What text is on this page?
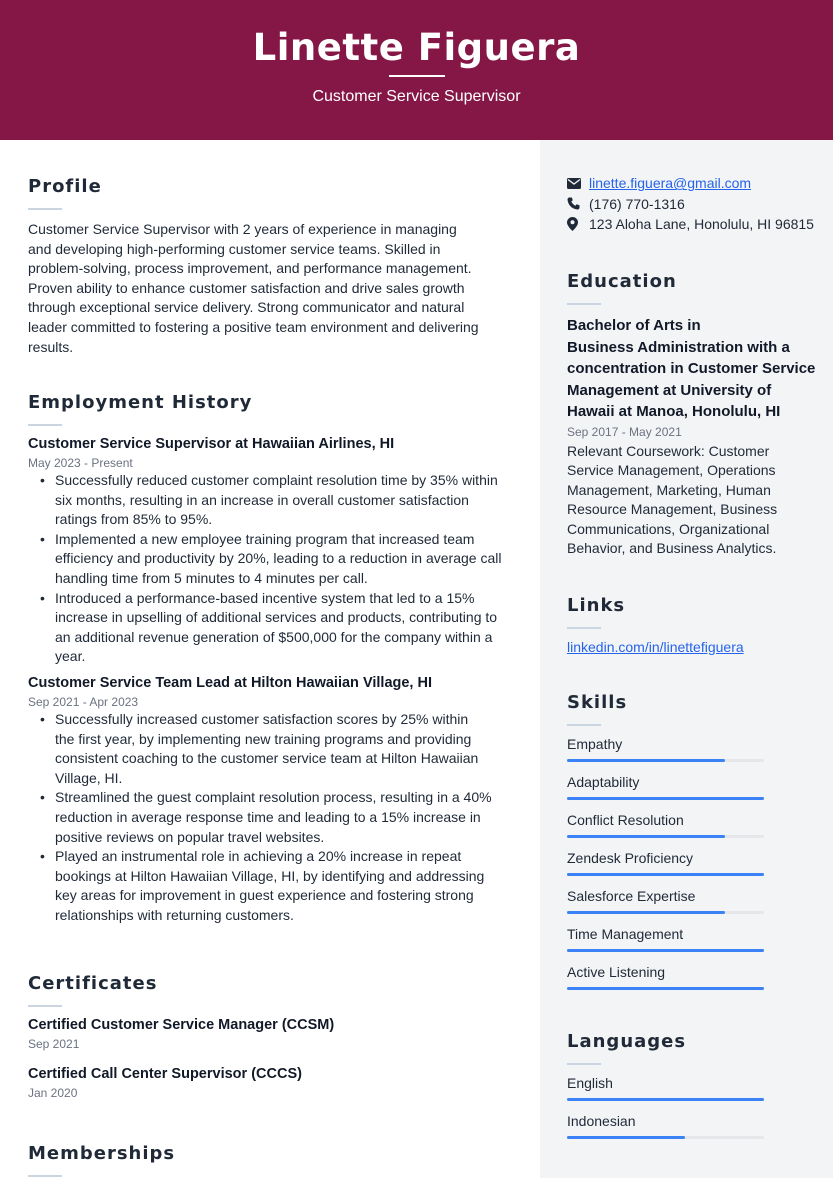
Linette Figuera
Customer Service Supervisor
linette.figuera@gmail.com
(176) 770-1316
123 Aloha Lane, Honolulu, HI 96815
Education
Bachelor of Arts in
Business Administration with a
concentration in Customer Service
Management at University of
Hawaii at Manoa, Honolulu, HI
Sep 2017 - May 2021
Relevant Coursework: Customer
Service Management, Operations
Management, Marketing, Human
Resource Management, Business
Communications, Organizational
Behavior, and Business Analytics.
Links
linkedin.com/in/linettefiguera
Skills
Empathy
Adaptability
Conflict Resolution
Zendesk Proficiency
Salesforce Expertise
Time Management
Active Listening
Languages
English
Indonesian
Profile
Customer Service Supervisor with 2 years of experience in managing
and developing high-performing customer service teams. Skilled in
problem-solving, process improvement, and performance management.
Proven ability to enhance customer satisfaction and drive sales growth
through exceptional service delivery. Strong communicator and natural
leader committed to fostering a positive team environment and delivering
results.
Employment History
Customer Service Supervisor at Hawaiian Airlines, HI
May 2023 - Present
• Successfully reduced customer complaint resolution time by 35% within
six months, resulting in an increase in overall customer satisfaction
ratings from 85% to 95%.
• Implemented a new employee training program that increased team
efficiency and productivity by 20%, leading to a reduction in average call
handling time from 5 minutes to 4 minutes per call.
• Introduced a performance-based incentive system that led to a 15%
increase in upselling of additional services and products, contributing to
an additional revenue generation of $500,000 for the company within a
year.
Customer Service Team Lead at Hilton Hawaiian Village, HI
Sep 2021 - Apr 2023
• Successfully increased customer satisfaction scores by 25% within
the first year, by implementing new training programs and providing
consistent coaching to the customer service team at Hilton Hawaiian
Village, HI.
• Streamlined the guest complaint resolution process, resulting in a 40%
reduction in average response time and leading to a 15% increase in
positive reviews on popular travel websites.
• Played an instrumental role in achieving a 20% increase in repeat
bookings at Hilton Hawaiian Village, HI, by identifying and addressing
key areas for improvement in guest experience and fostering strong
relationships with returning customers.
Certificates
Certified Customer Service Manager (CCSM)
Sep 2021
Certified Call Center Supervisor (CCCS)
Jan 2020
Memberships
